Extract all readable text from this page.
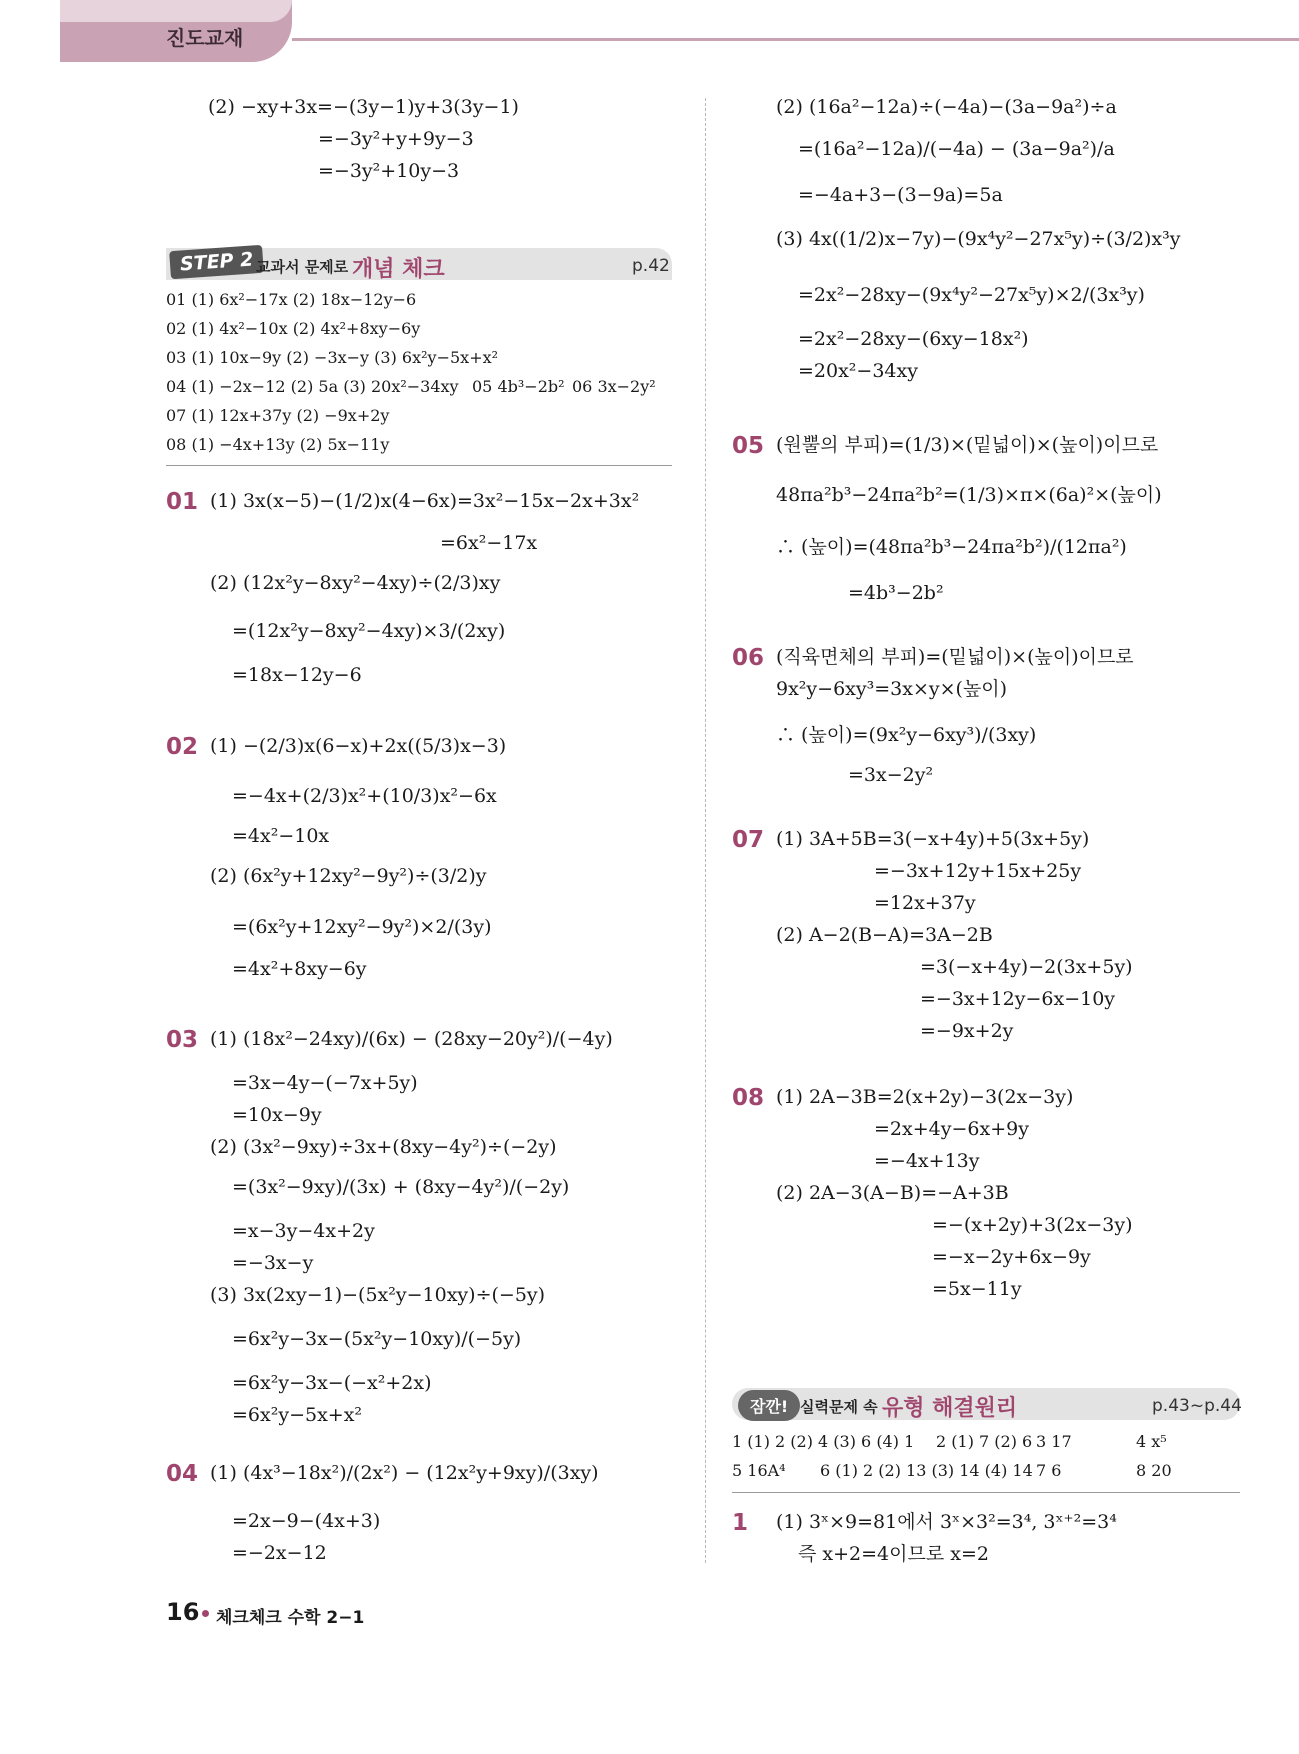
진도교재
(2) −xy+3x=−(3y−1)y+3(3y−1)
=−3y²+y+9y−3
=−3y²+10y−3
STEP 2 교과서 문제로 개념 체크	p.42
01 (1) 6x²−17x (2) 18x−12y−6
02 (1) 4x²−10x (2) 4x²+8xy−6y
03 (1) 10x−9y (2) −3x−y (3) 6x²y−5x+x²
04 (1) −2x−12 (2) 5a (3) 20x²−34xy 05 4b³−2b² 06 3x−2y²
07 (1) 12x+37y (2) −9x+2y
08 (1) −4x+13y (2) 5x−11y
01 (1) 3x(x−5)−(1/2)x(4−6x)=3x²−15x−2x+3x²
=6x²−17x
(2) (12x²y−8xy²−4xy)÷(2/3)xy
=(12x²y−8xy²−4xy)×3/(2xy)
=18x−12y−6
02 (1) −(2/3)x(6−x)+2x((5/3)x−3)
=−4x+(2/3)x²+(10/3)x²−6x
=4x²−10x
(2) (6x²y+12xy²−9y²)÷(3/2)y
=(6x²y+12xy²−9y²)×2/(3y)
=4x²+8xy−6y
03 (1) (18x²−24xy)/(6x) − (28xy−20y²)/(−4y)
=3x−4y−(−7x+5y)
=10x−9y
(2) (3x²−9xy)÷3x+(8xy−4y²)÷(−2y)
=(3x²−9xy)/(3x) + (8xy−4y²)/(−2y)
=x−3y−4x+2y
=−3x−y
(3) 3x(2xy−1)−(5x²y−10xy)÷(−5y)
=6x²y−3x−(5x²y−10xy)/(−5y)
=6x²y−3x−(−x²+2x)
=6x²y−5x+x²
04 (1) (4x³−18x²)/(2x²) − (12x²y+9xy)/(3xy)
=2x−9−(4x+3)
=−2x−12
(2) (16a²−12a)÷(−4a)−(3a−9a²)÷a
=(16a²−12a)/(−4a) − (3a−9a²)/a
=−4a+3−(3−9a)=5a
(3) 4x((1/2)x−7y)−(9x⁴y²−27x⁵y)÷(3/2)x³y
=2x²−28xy−(9x⁴y²−27x⁵y)×2/(3x³y)
=2x²−28xy−(6xy−18x²)
=20x²−34xy
05 (원뿔의 부피)=(1/3)×(밑넓이)×(높이)이므로
48πa²b³−24πa²b²=(1/3)×π×(6a)²×(높이)
∴ (높이)=(48πa²b³−24πa²b²)/(12πa²)
=4b³−2b²
06 (직육면체의 부피)=(밑넓이)×(높이)이므로
9x²y−6xy³=3x×y×(높이)
∴ (높이)=(9x²y−6xy³)/(3xy)
=3x−2y²
07 (1) 3A+5B=3(−x+4y)+5(3x+5y)
=−3x+12y+15x+25y
=12x+37y
(2) A−2(B−A)=3A−2B
=3(−x+4y)−2(3x+5y)
=−3x+12y−6x−10y
=−9x+2y
08 (1) 2A−3B=2(x+2y)−3(2x−3y)
=2x+4y−6x+9y
=−4x+13y
(2) 2A−3(A−B)=−A+3B
=−(x+2y)+3(2x−3y)
=−x−2y+6x−9y
=5x−11y
잠깐! 실력문제 속 유형 해결원리	p.43~p.44
1 (1) 2 (2) 4 (3) 6 (4) 1 2 (1) 7 (2) 6 3 17	4 x⁵
5 16A⁴ 6 (1) 2 (2) 13 (3) 14 (4) 14 7 6	8 20
1 (1) 3ˣ×9=81에서 3ˣ×3²=3⁴, 3ˣ⁺²=3⁴
즉 x+2=4이므로 x=2
16 체크체크 수학 2−1
